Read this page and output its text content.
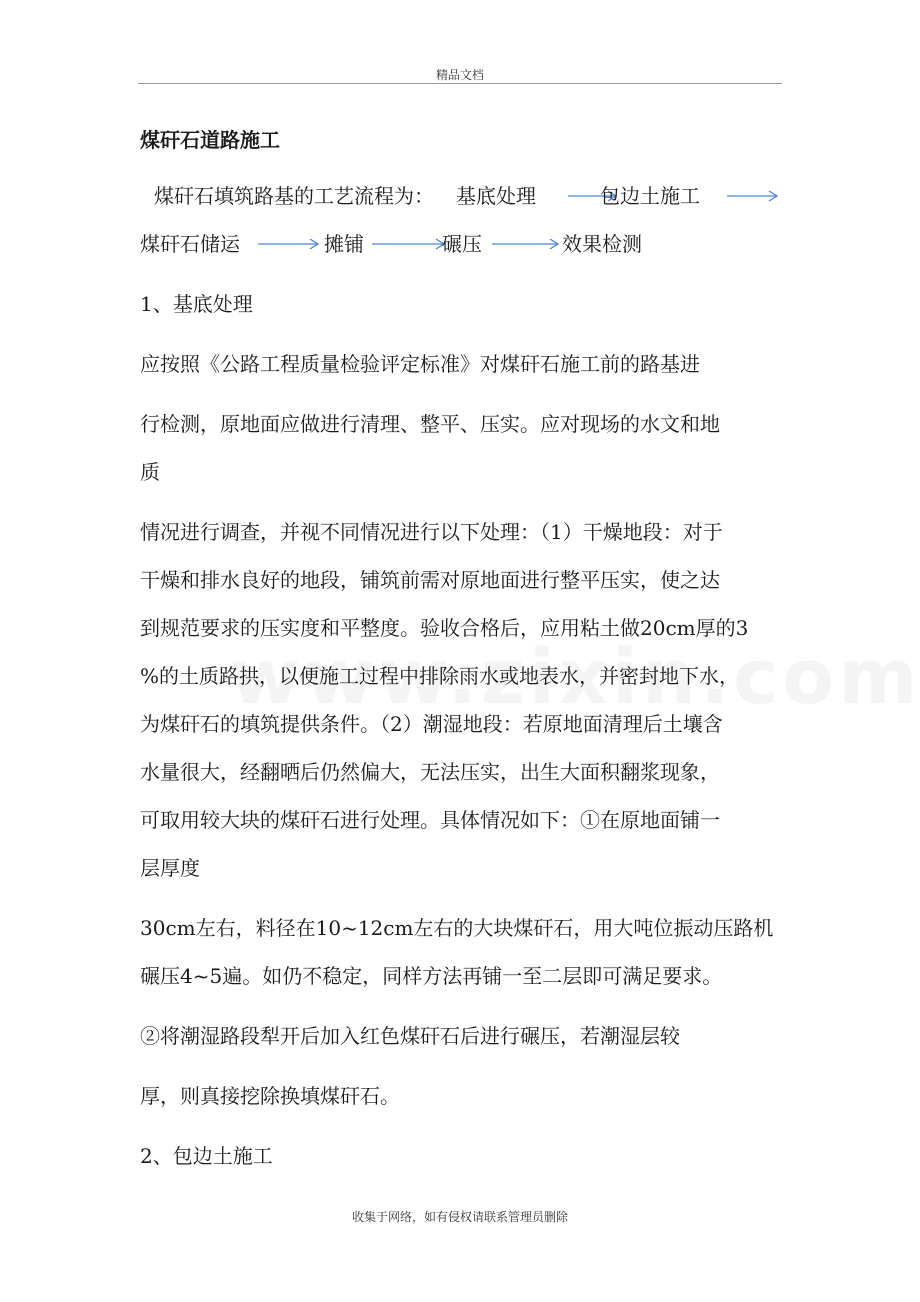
精品文档
煤矸石道路施工
煤矸石填筑路基的工艺流程为： 基底处理	包边土施工
煤矸石储运	摊铺	碾压	效果检测
1、基底处理
应按照《公路工程质量检验评定标准》对煤矸石施工前的路基进
行检测，原地面应做进行清理、整平、压实。应对现场的水文和地
质
情况进行调查，并视不同情况进行以下处理：（1）干燥地段：对于
干燥和排水良好的地段，铺筑前需对原地面进行整平压实，使之达
到规范要求的压实度和平整度。验收合格后，应用粘土做20cm厚的3
%的土质路拱，以便施工过程中排除雨水或地表水，并密封地下水，
为煤矸石的填筑提供条件。（2）潮湿地段：若原地面清理后土壤含
水量很大，经翻晒后仍然偏大，无法压实，出生大面积翻浆现象，
可取用较大块的煤矸石进行处理。具体情况如下：①在原地面铺一
层厚度
30cm左右，料径在10~12cm左右的大块煤矸石，用大吨位振动压路机
碾压4~5遍。如仍不稳定，同样方法再铺一至二层即可满足要求。
②将潮湿路段犁开后加入红色煤矸石后进行碾压，若潮湿层较
厚，则真接挖除换填煤矸石。
2、包边土施工
收集于网络，如有侵权请联系管理员删除
